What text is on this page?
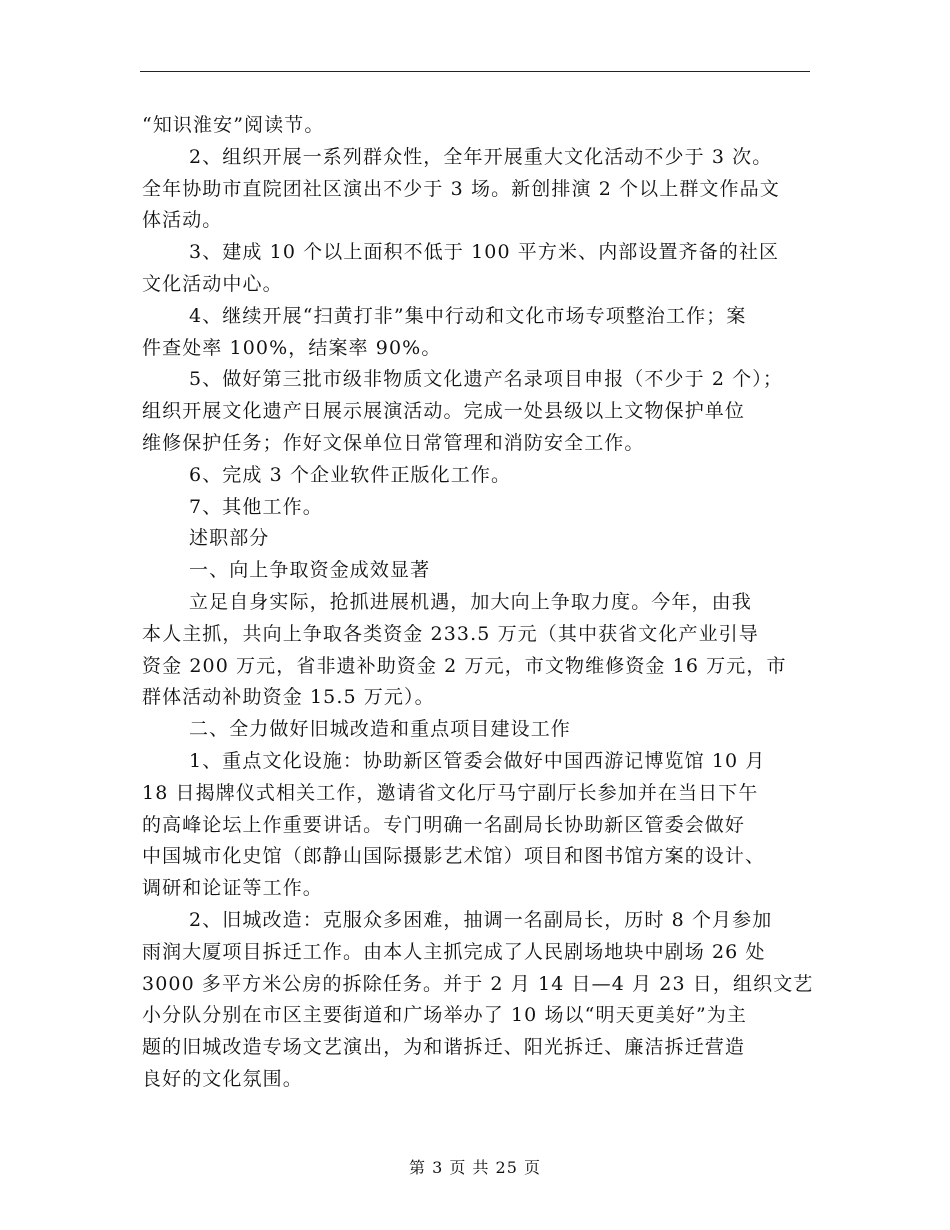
“知识淮安”阅读节。

2、组织开展一系列群众性，全年开展重大文化活动不少于 3 次。
全年协助市直院团社区演出不少于 3 场。新创排演 2 个以上群文作品文
体活动。

3、建成 10 个以上面积不低于 100 平方米、内部设置齐备的社区
文化活动中心。

4、继续开展“扫黄打非”集中行动和文化市场专项整治工作；案
件查处率 100%，结案率 90%。

5、做好第三批市级非物质文化遗产名录项目申报（不少于 2 个）；
组织开展文化遗产日展示展演活动。完成一处县级以上文物保护单位
维修保护任务；作好文保单位日常管理和消防安全工作。

6、完成 3 个企业软件正版化工作。

7、其他工作。

述职部分

一、向上争取资金成效显著

立足自身实际，抢抓进展机遇，加大向上争取力度。今年，由我
本人主抓，共向上争取各类资金 233.5 万元（其中获省文化产业引导
资金 200 万元，省非遗补助资金 2 万元，市文物维修资金 16 万元，市
群体活动补助资金 15.5 万元）。

二、全力做好旧城改造和重点项目建设工作

1、重点文化设施：协助新区管委会做好中国西游记博览馆 10 月
18 日揭牌仪式相关工作，邀请省文化厅马宁副厅长参加并在当日下午
的高峰论坛上作重要讲话。专门明确一名副局长协助新区管委会做好
中国城市化史馆（郎静山国际摄影艺术馆）项目和图书馆方案的设计、
调研和论证等工作。

2、旧城改造：克服众多困难，抽调一名副局长，历时 8 个月参加
雨润大厦项目拆迁工作。由本人主抓完成了人民剧场地块中剧场 26 处
3000 多平方米公房的拆除任务。并于 2 月 14 日—4 月 23 日，组织文艺
小分队分别在市区主要街道和广场举办了 10 场以“明天更美好”为主
题的旧城改造专场文艺演出，为和谐拆迁、阳光拆迁、廉洁拆迁营造
良好的文化氛围。

第 3 页 共 25 页
